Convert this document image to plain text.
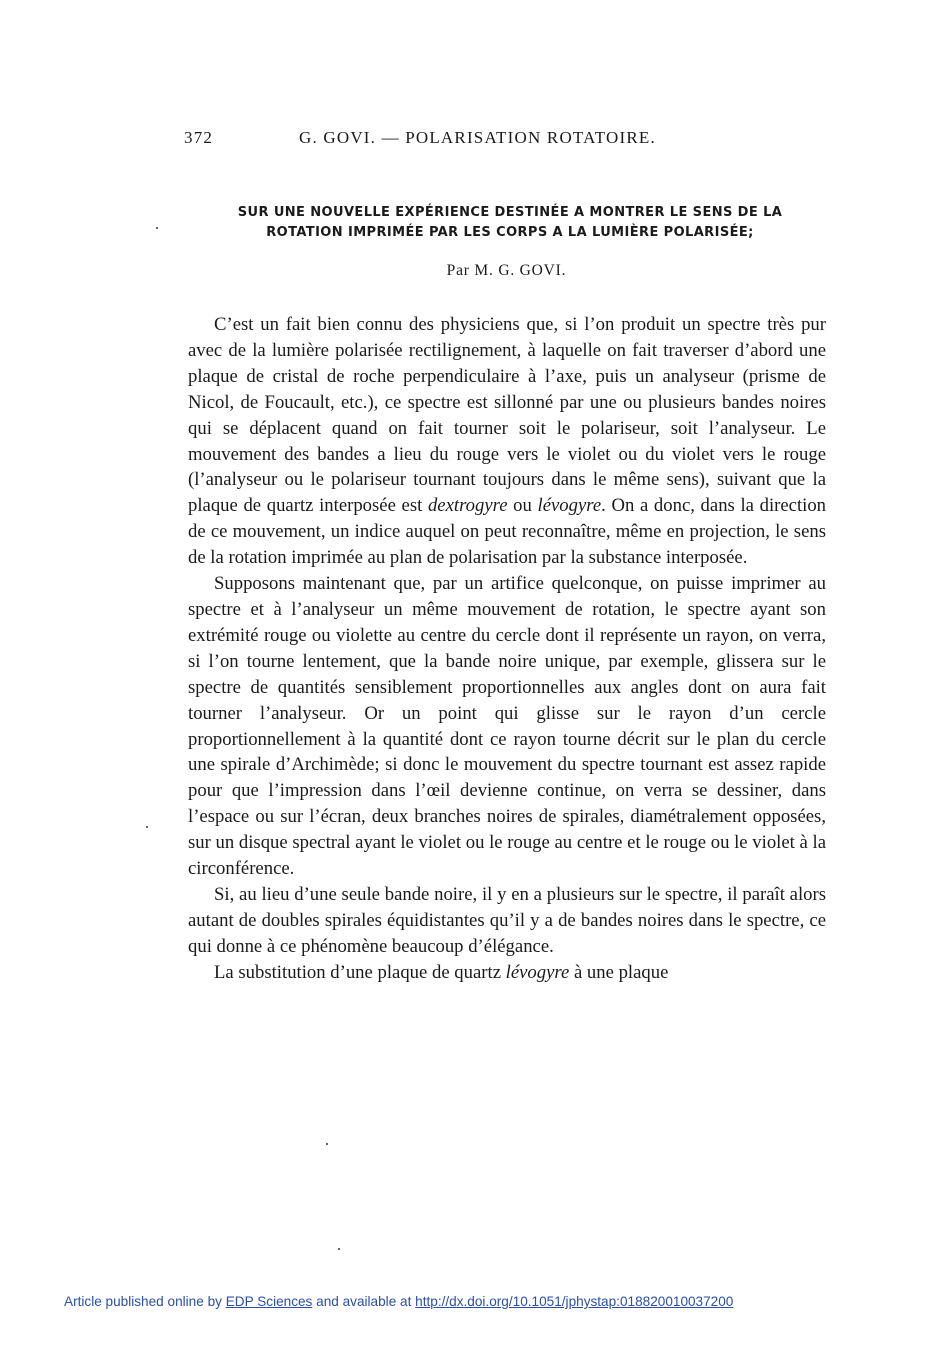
372	G. GOVI. — POLARISATION ROTATOIRE.
SUR UNE NOUVELLE EXPÉRIENCE DESTINÉE A MONTRER LE SENS DE LA
ROTATION IMPRIMÉE PAR LES CORPS A LA LUMIÈRE POLARISÉE;
Par M. G. GOVI.

C’est un fait bien connu des physiciens que, si l’on produit un spectre très pur avec de la lumière polarisée rectilignement, à laquelle on fait traverser d’abord une plaque de cristal de roche perpendiculaire à l’axe, puis un analyseur (prisme de Nicol, de Foucault, etc.), ce spectre est sillonné par une ou plusieurs bandes noires qui se déplacent quand on fait tourner soit le polariseur, soit l’analyseur. Le mouvement des bandes a lieu du rouge vers le violet ou du violet vers le rouge (l’analyseur ou le polariseur tournant toujours dans le même sens), suivant que la plaque de quartz interposée est dextrogyre ou lévogyre. On a donc, dans la direction de ce mouvement, un indice auquel on peut reconnaître, même en projection, le sens de la rotation imprimée au plan de polarisation par la substance interposée.

Supposons maintenant que, par un artifice quelconque, on puisse imprimer au spectre et à l’analyseur un même mouvement de rotation, le spectre ayant son extrémité rouge ou violette au centre du cercle dont il représente un rayon, on verra, si l’on tourne lentement, que la bande noire unique, par exemple, glissera sur le spectre de quantités sensiblement proportionnelles aux angles dont on aura fait tourner l’analyseur. Or un point qui glisse sur le rayon d’un cercle proportionnellement à la quantité dont ce rayon tourne décrit sur le plan du cercle une spirale d’Archimède; si donc le mouvement du spectre tournant est assez rapide pour que l’impression dans l’œil devienne continue, on verra se dessiner, dans l’espace ou sur l’écran, deux branches noires de spirales, diamétralement opposées, sur un disque spectral ayant le violet ou le rouge au centre et le rouge ou le violet à la circonférence.

Si, au lieu d’une seule bande noire, il y en a plusieurs sur le spectre, il paraît alors autant de doubles spirales équidistantes qu’il y a de bandes noires dans le spectre, ce qui donne à ce phénomène beaucoup d’élégance.

La substitution d’une plaque de quartz lévogyre à une plaque

Article published online by EDP Sciences and available at http://dx.doi.org/10.1051/jphystap:018820010037200
